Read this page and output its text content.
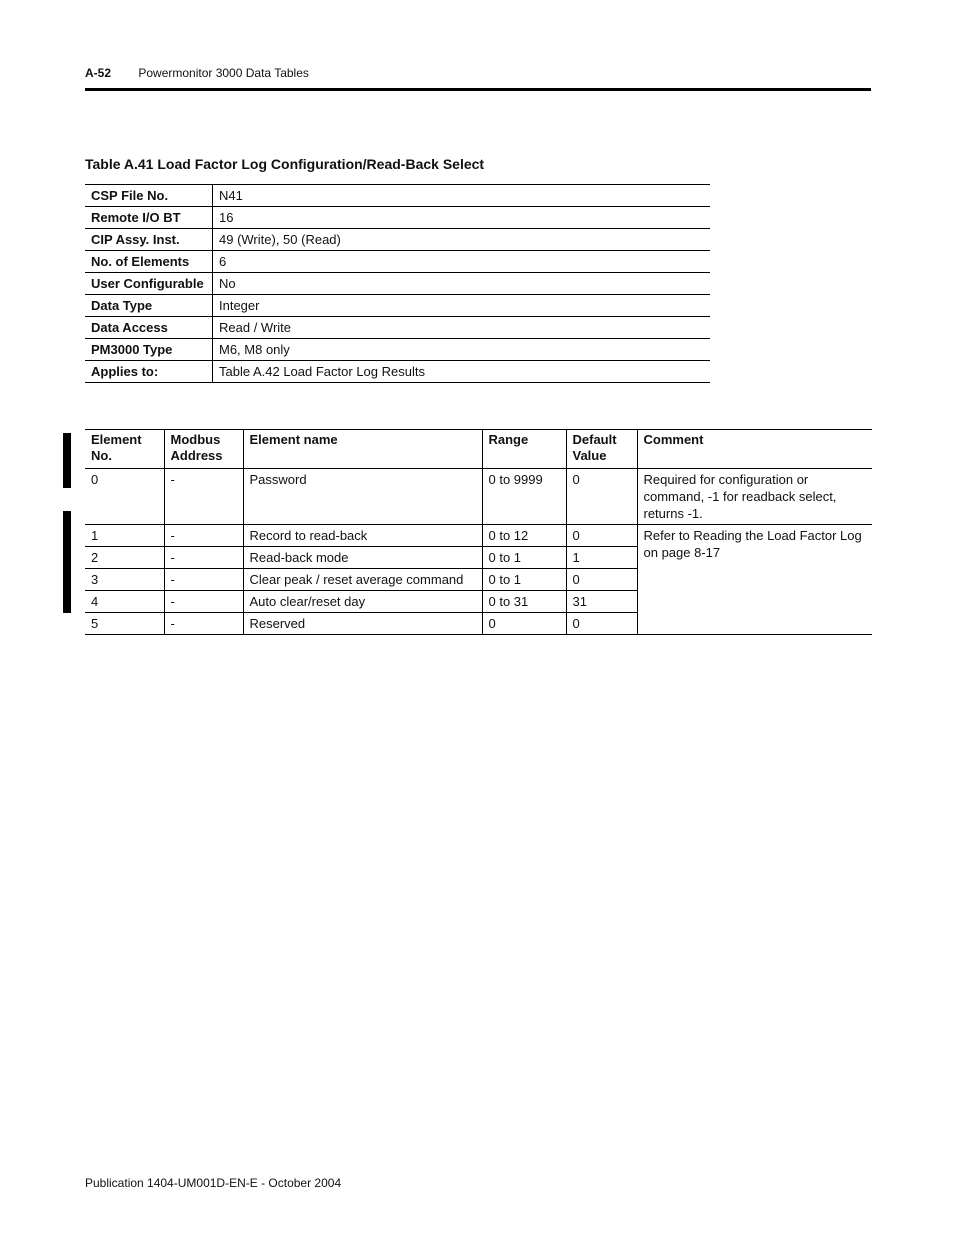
A-52 Powermonitor 3000 Data Tables
Table A.41 Load Factor Log Configuration/Read-Back Select
CSP File No.	N41
Remote I/O BT	16
CIP Assy. Inst.	49 (Write), 50 (Read)
No. of Elements	6
User Configurable	No
Data Type	Integer
Data Access	Read / Write
PM3000 Type	M6, M8 only
Applies to:	Table A.42 Load Factor Log Results
Element No.	Modbus Address	Element name	Range	Default Value	Comment
0	-	Password	0 to 9999	0	Required for configuration or command, -1 for readback select, returns -1.
1	-	Record to read-back	0 to 12	0	Refer to Reading the Load Factor Log on page 8-17
2	-	Read-back mode	0 to 1	1	
3	-	Clear peak / reset average command	0 to 1	0	
4	-	Auto clear/reset day	0 to 31	31	
5	-	Reserved	0	0	
Publication 1404-UM001D-EN-E - October 2004
